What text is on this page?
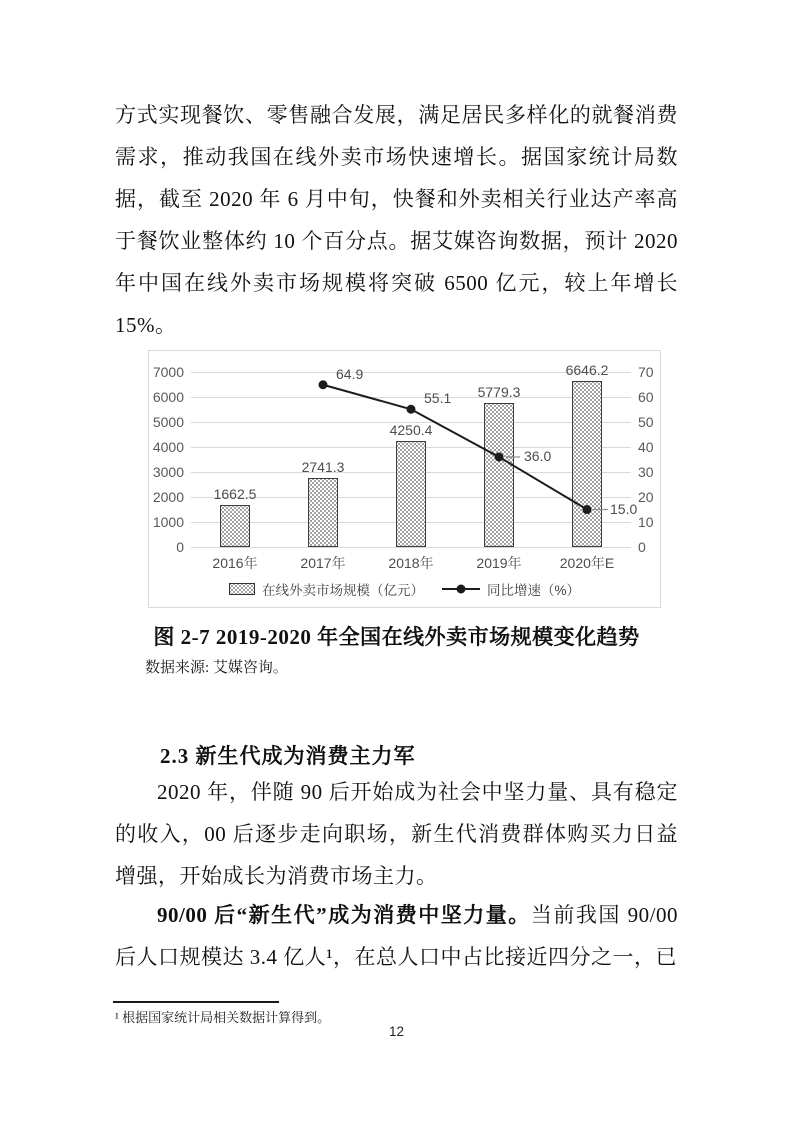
方式实现餐饮、零售融合发展，满足居民多样化的就餐消费需求，推动我国在线外卖市场快速增长。据国家统计局数据，截至 2020 年 6 月中旬，快餐和外卖相关行业达产率高于餐饮业整体约 10 个百分点。据艾媒咨询数据，预计 2020 年中国在线外卖市场规模将突破 6500 亿元，较上年增长 15%。
在线外卖市场规模（亿元）	同比增速（%）
0
1000
2000
3000
4000
5000
6000
7000
0
10
20
30
40
50
60
70
2016年	2017年	2018年	2019年	2020年E
1662.5
2741.3
4250.4
5779.3
6646.2
64.9
55.1
36.0
15.0
图 2-7 2019-2020 年全国在线外卖市场规模变化趋势
数据来源: 艾媒咨询。
2.3 新生代成为消费主力军
2020 年，伴随 90 后开始成为社会中坚力量、具有稳定的收入，00 后逐步走向职场，新生代消费群体购买力日益增强，开始成长为消费市场主力。
90/00 后“新生代”成为消费中坚力量。当前我国 90/00 后人口规模达 3.4 亿人¹，在总人口中占比接近四分之一，已
¹ 根据国家统计局相关数据计算得到。
12
